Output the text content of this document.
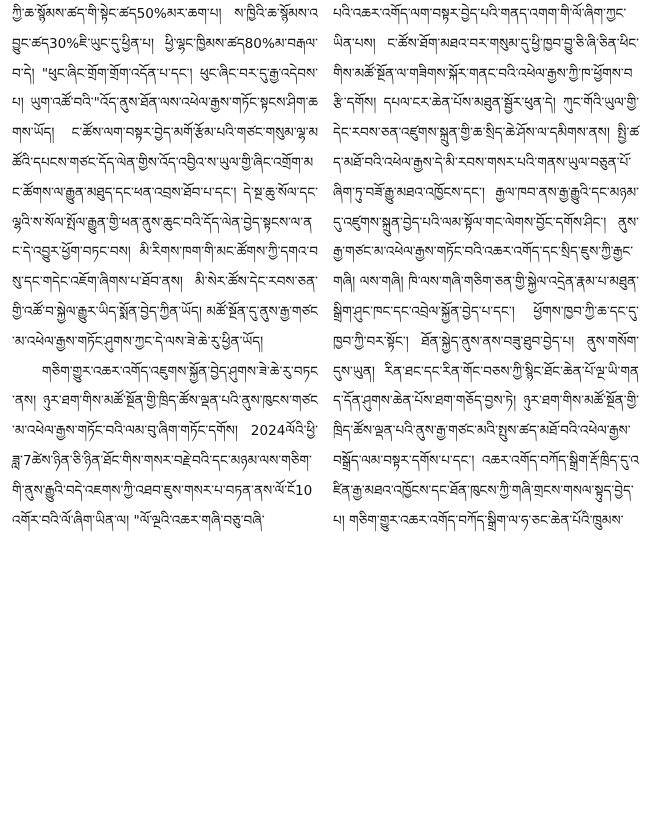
ཀྱི་ཆ་སྙོམས་ཚད་གི་སྟེང་ཚད50%མར་ཆག་པ། ས་ཁྱིའི་ཆ་སྙོམས་འབྱུང་ཚད30%ཇི་ཡུང་དུ་ཕྱིན་པ། ཕྱི་ལྷང་ཁྱིམས་ཚད80%མ་བརྒལ་བ་དེ། "ཕུང་ཞིང་གྲོག་གྲོག་འདོན་པ་དང་། ཕུང་ཞིང་བར་དུ་རྒྱ་འདེབས་པ། ཡུག་འཚོ་བའི་"འོད་ནུས་ཐོན་ལས་འཕེལ་རྒྱས་གཏོང་སྟངས་ཤིག་ཆགས་ཡོད། ང་ཚོས་ལག་བསྟར་བྱེད་མགོ་རྩོམ་པའི་གཙང་གསུམ་ལྷ་མཚོའི་དཔངས་གཙང་དོད་ལེན་གྱིས་འོད་འབྱིའ་ས་ཡུལ་གྱི་ཞིང་འགྲོག་མང་ཚོགས་ལ་རྒྱུན་མཐུད་དང་ཕན་འབྲས་ཐོབ་པ་དང་། དེ་སྔ་ཆུ་སོལ་དང་ལྷའི་ས་སོལ་སྤོལ་རྒྱུན་གྱི་ཕན་ནུས་ཆུང་བའི་དོད་ལེན་བྱེད་སྟངས་ལ་ནང་དེ་འབྱུར་ཕྱོག་བཏང་བས། མི་རིགས་ཁག་གི་མང་ཚོགས་ཀྱི་དགའ་བསུ་དང་གདེང་འཇོག་ཞིགས་པ་ཐོབ་ནས། མི་སེར་ཚོས་དེང་རབས་ཅན་གྱི་འཚོ་བ་སྐྱེལ་རྒྱུར་ཡིད་སྨོན་བྱེད་ཀྱིན་ཡོད། མཚོ་སྔོན་དུ་ནུས་རྒྱ་གཙང་མ་འཕེལ་རྒྱས་གཏོང་ཤུགས་ཀྱང་དེ་ལས་ཟེ་ཆེ་རུ་ཕྱིན་ཡོད།

གཅིག་གྱུར་འཆར་འགོད་འཇུགས་སྐྱོན་བྱེད་ཤུགས་ཟེ་ཆེ་རུ་བཏང་ནས། ཉུར་ཐག་གིས་མཚོ་སྔོན་གྱི་ཁྲིད་ཚོས་ལྡན་པའི་ནུས་ཁུངས་གཙང་མ་འཕེལ་རྒྱས་གཏོང་བའི་ལམ་བུ་ཞིག་གཏོང་དགོས། 2024ལོའི་ཕྱི་ཟླ་7ཚེས་ཉིན་ཅི་ཉིན་ཐོང་གིས་གསར་བརྗེ་བའི་དང་མཉམ་ལས་གཅིག་གི་ནུས་རྒྱུའི་བདེ་འཇགས་ཀྱི་འཐབ་ཇུས་གསར་པ་བཏན་ནས་ལོ་ངོ10འགོར་བའི་ལོ་ཞིག་ཡིན་ལ། "ལོ་ལྔའི་འཆར་གཞི་བཅུ་བཞི་

པའི་འཆར་འགོད་ལག་བསྟར་བྱེད་པའི་གནད་འགག་གི་ལོ་ཞིག་ཀྱང་ཡིན་པས། ང་ཚོས་ཐོག་མཐའ་བར་གསུམ་དུ་ཕྱི་ཁྱབ་བྱུ་ཅི་ཞི་ཅིན་ཕིང་གིས་མཚོ་སྔོན་ལ་གཟིགས་སྐོར་གནང་བའི་འཕེལ་རྒྱས་ཀྱི་ཁ་ཕྱོགས་བརྩི་དགོས། དཔལ་ངར་ཆེན་པོས་མཐུན་སྦྱོར་ཕུན་དེ། ཀུང་གོའི་ཡུལ་གྱི་དེང་རབས་ཅན་འཛུགས་སྐྲུན་གྱི་ཆ་སྲིད་ཆེ་ཤོས་ལ་དམིགས་ནས། སྤྱི་ཚད་མཐོ་བའི་འཕེལ་རྒྱས་དེ་མི་རབས་གསར་པའི་གནས་ཡུལ་བཅུན་པོ་ཞིག་ཏུ་བཟོ་རྒྱུ་མཐའ་འཁྱོངས་དང་། རྒྱལ་ཁབ་ནས་རྒྱ་རྒྱུའི་དང་མཉམ་དུ་འཛུགས་སྐྲུན་བྱེད་པའི་ལམ་སྟོལ་གང་ལེགས་བྱོང་དགོས་ཤིང་། ནུས་རྒྱ་གཙང་མ་འཕེལ་རྒྱས་གཏོང་བའི་འཆར་འགོད་དང་སྲིད་ཇུས་ཀྱི་རྒྱང་གཞི། ལས་གཞི། ཁི་ལས་གཞི་གཅིག་ཅན་གྱི་སྐྱེལ་འདྲེན་རྣམ་པ་མཐུན་སྒྲིག་ཤུང་ཁང་དང་འབྲེལ་སྐྱོན་བྱེད་པ་དང་། ཕྱོགས་ཁྱབ་ཀྱི་ཆ་དང་དུ་ཁྱབ་ཀྱི་བར་སྟོང་། ཐོན་སྐྱེད་ནུས་ནས་བཟུ་ཐུབ་བྱེད་པ། ནུས་གསོག་དུས་ཡུན། རིན་ཐང་དང་རིན་གོང་བཅས་ཀྱི་སྙིང་ཐོང་ཆེན་པོ་ལྔ་ཡི་གནད་དོན་ཤུགས་ཆེན་པོས་ཐག་གཅོད་བྱས་ཏེ། ཉུར་ཐག་གིས་མཚོ་སྔོན་གྱི་ཁྲིད་ཚོས་ལྡན་པའི་ནུས་རྒྱ་གཙང་མའི་སྤུས་ཚད་མཐོ་བའི་འཕེལ་རྒྱས་བསྒྲོད་ལམ་བསྟར་དགོས་པ་དང་། འཆར་འགོད་བཀོད་སྒྲིག་རྡོ་ཁྲིད་དུ་འཛིན་རྒྱ་མཐའ་འཁྱོངས་དང་ཐོན་ཁུངས་ཀྱི་གཞི་གྲངས་གསལ་སྟུད་བྱེད་པ། གཅིག་གྱུར་འཆར་འགོད་བཀོད་སྒྲིག་ལ་ཧ་ཅང་ཆེན་པོའི་ཁྲུམས་
